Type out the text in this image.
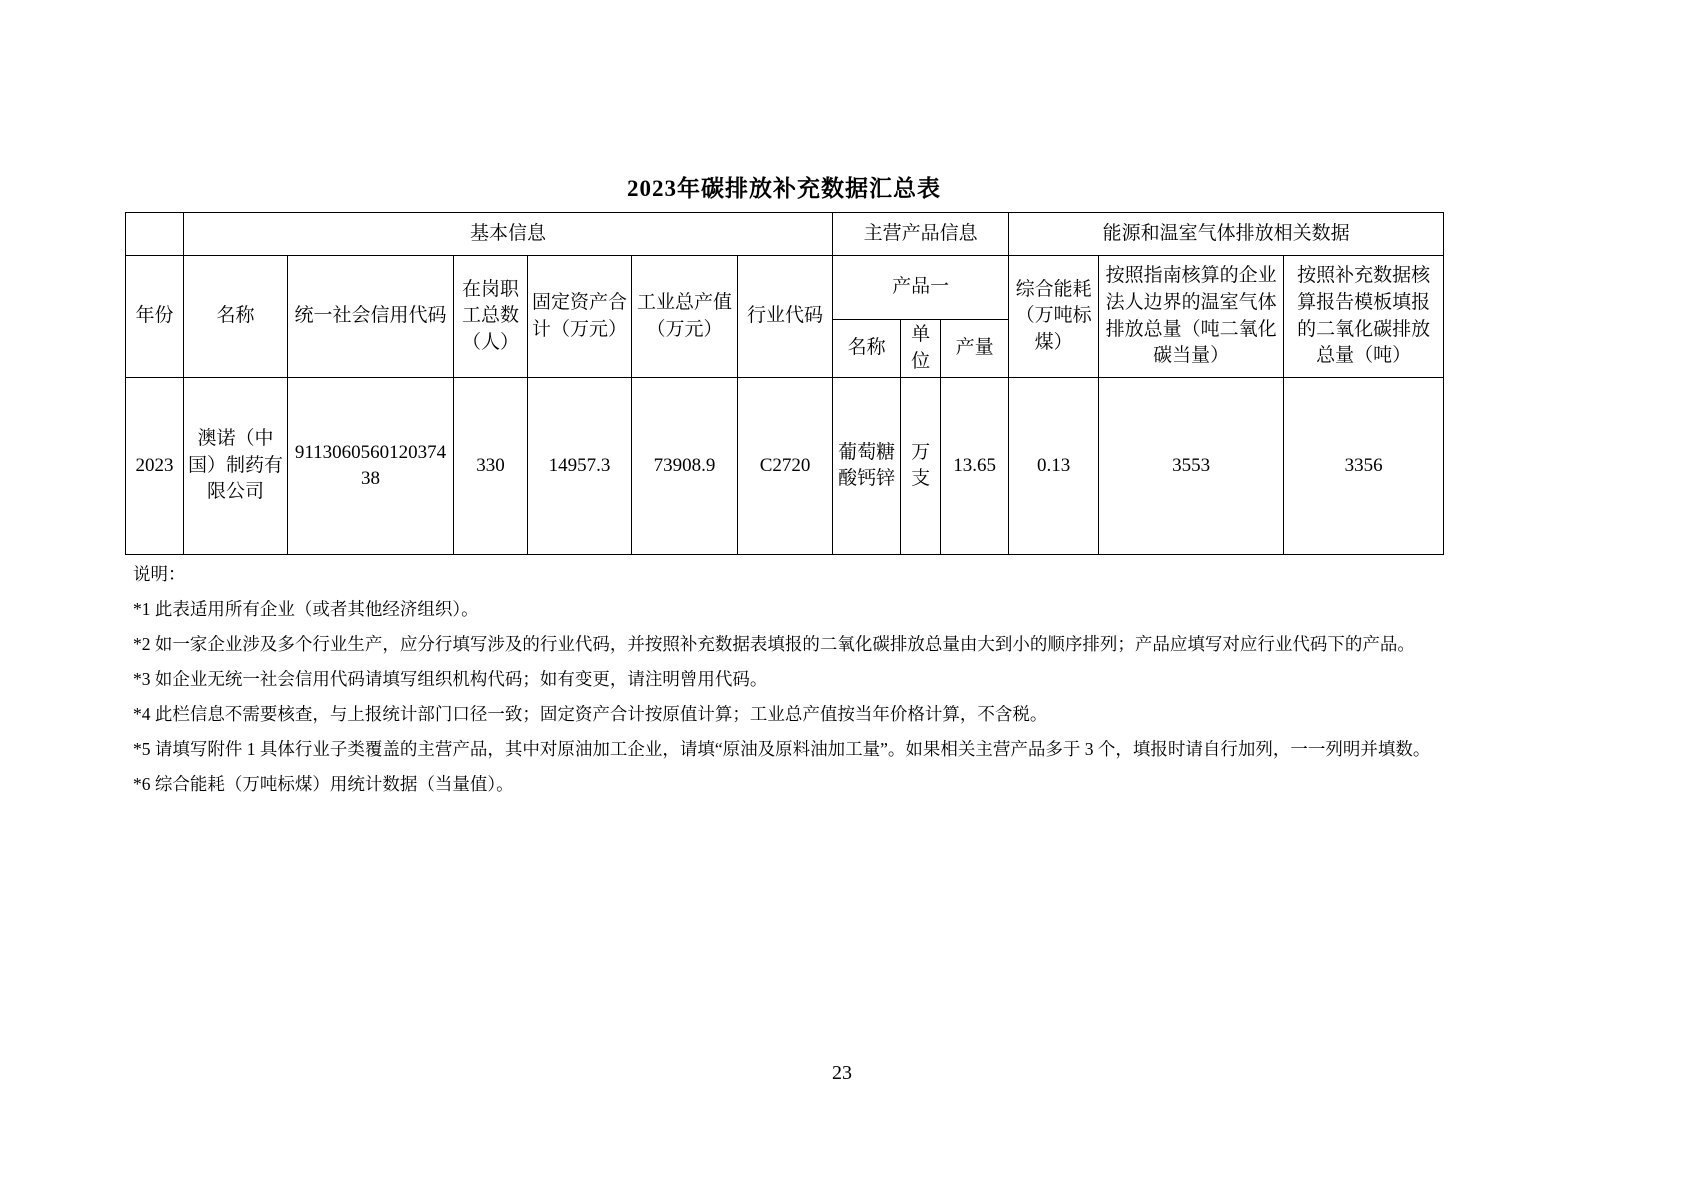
2023年碳排放补充数据汇总表
	基本信息						主营产品信息			能源和温室气体排放相关数据		
年份	名称	统一社会信用代码	在岗职工总数（人）	固定资产合计（万元）	工业总产值（万元）	行业代码	产品一			综合能耗（万吨标煤）	按照指南核算的企业法人边界的温室气体排放总量（吨二氧化碳当量）	按照补充数据核算报告模板填报的二氧化碳排放总量（吨）
							名称	单位	产量			
2023	澳诺（中国）制药有限公司	911306056012037438	330	14957.3	73908.9	C2720	葡萄糖酸钙锌	万支	13.65	0.13	3553	3356
说明：
*1 此表适用所有企业（或者其他经济组织）。
*2 如一家企业涉及多个行业生产，应分行填写涉及的行业代码，并按照补充数据表填报的二氧化碳排放总量由大到小的顺序排列；产品应填写对应行业代码下的产品。
*3 如企业无统一社会信用代码请填写组织机构代码；如有变更，请注明曾用代码。
*4 此栏信息不需要核查，与上报统计部门口径一致；固定资产合计按原值计算；工业总产值按当年价格计算，不含税。
*5 请填写附件 1 具体行业子类覆盖的主营产品，其中对原油加工企业，请填“原油及原料油加工量”。如果相关主营产品多于 3 个，填报时请自行加列，一一列明并填数。
*6 综合能耗（万吨标煤）用统计数据（当量值）。
23
